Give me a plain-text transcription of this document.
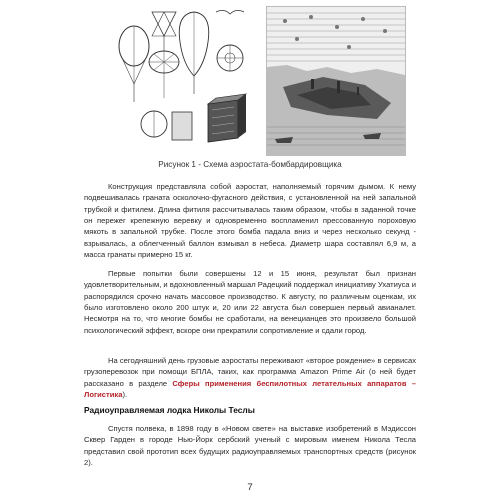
Рисунок 1 - Схема аэростата-бомбардировщика

Конструкция представляла собой аэростат, наполняемый горячим дымом. К нему подвешивалась граната осколочно-фугасного действия, с установленной на ней запальной трубкой и фитилем. Длина фитиля рассчитывалась таким образом, чтобы в заданной точке он пережег крепежную веревку и одновременно воспламенил прессованную пороховую мякоть в запальной трубке. После этого бомба падала вниз и через несколько секунд - взрывалась, а облегченный баллон взмывал в небеса. Диаметр шара составлял 6,9 м, а масса гранаты примерно 15 кг.

Первые попытки были совершены 12 и 15 июня, результат был признан удовлетворительным, и вдохновленный маршал Радецкий поддержал инициативу Ухатиуса и распорядился срочно начать массовое производство. К августу, по различным оценкам, их было изготовлено около 200 штук и, 20 или 22 августа был совершен первый авианалет. Несмотря на то, что многие бомбы не сработали, на венецианцев это произвело большой психологический эффект, вскоре они прекратили сопротивление и сдали город.

На сегодняшний день грузовые аэростаты переживают «второе рождение» в сервисах грузоперевозок при помощи БПЛА, таких, как программа Amazon Prime Air (о ней будет рассказано в разделе Сферы применения беспилотных летательных аппаратов – Логистика).

Радиоуправляемая лодка Николы Теслы

Спустя полвека, в 1898 году в «Новом свете» на выставке изобретений в Мэдиссон Сквер Гарден в городе Нью-Йорк сербский ученый с мировым именем Никола Тесла представил свой прототип всех будущих радиоуправляемых транспортных средств (рисунок 2).

7
